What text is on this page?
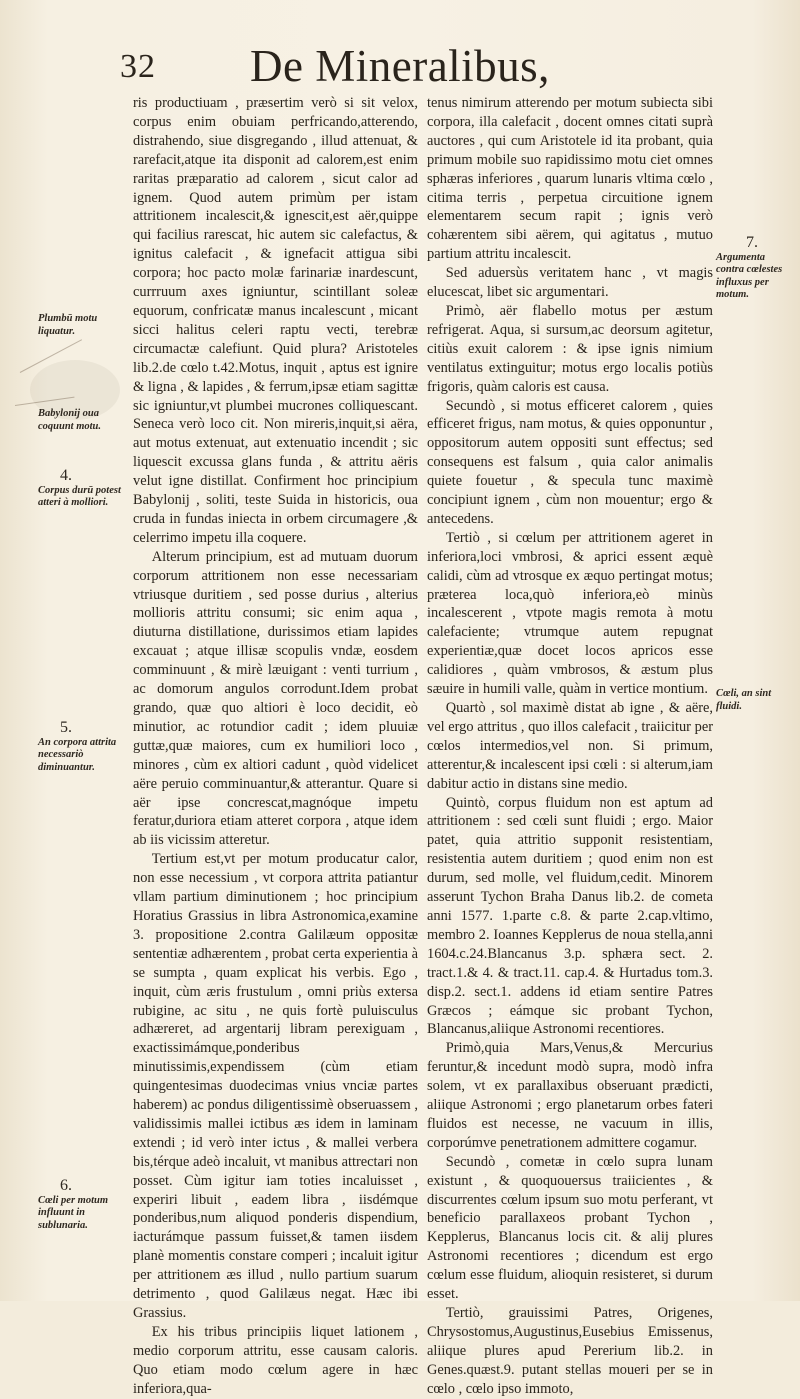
32 De Mineralibus,

ris productiuam , præsertim verò si sit velox, corpus enim obuiam perfricando,atterendo, distrahendo, siue disgregando , illud attenuat, & rarefacit,atque ita disponit ad calorem,est enim raritas præparatio ad calorem , sicut calor ad ignem. Quod autem primùm per istam attritionem incalescit,& ignescit,est aër,quippe qui facilius rarescat, hic autem sic calefactus, & ignitus calefacit , & ignefacit attigua sibi corpora; hoc pacto molæ farinariæ inardescunt, currruum axes igniuntur, scintillant soleæ equorum, confricatæ manus incalescunt , micant sicci halitus celeri raptu vecti, terebræ circumactæ calefiunt. Quid plura? Aristoteles lib.2.de cœlo t.42.Motus, inquit , aptus est ignire & ligna , & lapides , & ferrum,ipsæ etiam sagittæ sic igniuntur,vt plumbei mucrones colliquescant. Seneca verò loco cit. Non mireris,inquit,si aëra, aut motus extenuat, aut extenuatio incendit ; sic liquescit excussa glans funda , & attritu aëris velut igne distillat. Confirment hoc principium Babylonij , soliti, teste Suida in historicis, oua cruda in fundas iniecta in orbem circumagere ,& celerrimo impetu illa coquere.

Alterum principium, est ad mutuam duorum corporum attritionem non esse necessariam vtriusque duritiem , sed posse durius , alterius mollioris attritu consumi; sic enim aqua , diuturna distillatione, durissimos etiam lapides excauat ; atque illisæ scopulis vndæ, eosdem comminuunt , & mirè læuigant : venti turrium , ac domorum angulos corrodunt.Idem probat grando, quæ quo altiori è loco decidit, eò minutior, ac rotundior cadit ; idem pluuiæ guttæ,quæ maiores, cum ex humiliori loco , minores , cùm ex altiori cadunt , quòd videlicet aëre peruio comminuantur,& atterantur. Quare si aër ipse concrescat,magnóque impetu feratur,duriora etiam atteret corpora , atque idem ab iis vicissim atteretur.

Tertium est,vt per motum producatur calor, non esse necessium , vt corpora attrita patiantur vllam partium diminutionem ; hoc principium Horatius Grassius in libra Astronomica,examine 3. propositione 2.contra Galilæum oppositæ sententiæ adhærentem , probat certa experientia à se sumpta , quam explicat his verbis. Ego , inquit, cùm æris frustulum , omni priùs extersa rubigine, ac situ , ne quis fortè puluisculus adhæreret, ad argentarij libram perexiguam , exactissimámque,ponderibus minutissimis,expendissem (cùm etiam quingentesimas duodecimas vnius vnciæ partes haberem) ac pondus diligentissimè obseruassem , validissimis mallei ictibus æs idem in laminam extendi ; id verò inter ictus , & mallei verbera bis,térque adeò incaluit, vt manibus attrectari non posset. Cùm igitur iam toties incaluisset , experiri libuit , eadem libra , iisdémque ponderibus,num aliquod ponderis dispendium, iacturámque passum fuisset,& tamen iisdem planè momentis constare comperi ; incaluit igitur per attritionem æs illud , nullo partium suarum detrimento , quod Galilæus negat. Hæc ibi Grassius.

Ex his tribus principiis liquet lationem , medio corporum attritu, esse causam caloris. Quo etiam modo cœlum agere in hæc inferiora,qua-

tenus nimirum atterendo per motum subiecta sibi corpora, illa calefacit , docent omnes citati suprà auctores , qui cum Aristotele id ita probant, quia primum mobile suo rapidissimo motu ciet omnes sphæras inferiores , quarum lunaris vltima cœlo , citima terris , perpetua circuitione ignem elementarem secum rapit ; ignis verò cohærentem sibi aërem, qui agitatus , mutuo partium attritu incalescit.

Sed aduersùs veritatem hanc , vt magis elucescat, libet sic argumentari.

Primò, aër flabello motus per æstum refrigerat. Aqua, si sursum,ac deorsum agitetur, citiùs exuit calorem : & ipse ignis nimium ventilatus extinguitur; motus ergo localis potiùs frigoris, quàm caloris est causa.

Secundò , si motus efficeret calorem , quies efficeret frigus, nam motus, & quies opponuntur , oppositorum autem oppositi sunt effectus; sed consequens est falsum , quia calor animalis quiete fouetur , & specula tunc maximè concipiunt ignem , cùm non mouentur; ergo & antecedens.

Tertiò , si cœlum per attritionem ageret in inferiora,loci vmbrosi, & aprici essent æquè calidi, cùm ad vtrosque ex æquo pertingat motus; præterea loca,quò inferiora,eò minùs incalescerent , vtpote magis remota à motu calefaciente; vtrumque autem repugnat experientiæ,quæ docet locos apricos esse calidiores , quàm vmbrosos, & æstum plus sæuire in humili valle, quàm in vertice montium.

Quartò , sol maximè distat ab igne , & aëre, vel ergo attritus , quo illos calefacit , traiicitur per cœlos intermedios,vel non. Si primum, atterentur,& incalescent ipsi cœli : si alterum,iam dabitur actio in distans sine medio.

Quintò, corpus fluidum non est aptum ad attritionem : sed cœli sunt fluidi ; ergo. Maior patet, quia attritio supponit resistentiam, resistentia autem duritiem ; quod enim non est durum, sed molle, vel fluidum,cedit. Minorem asserunt Tychon Braha Danus lib.2. de cometa anni 1577. 1.parte c.8. & parte 2.cap.vltimo, membro 2. Ioannes Kepplerus de noua stella,anni 1604.c.24.Blancanus 3.p. sphæra sect. 2. tract.1.& 4. & tract.11. cap.4. & Hurtadus tom.3. disp.2. sect.1. addens id etiam sentire Patres Græcos ; eámque sic probant Tychon, Blancanus,aliique Astronomi recentiores.

Primò,quia Mars,Venus,& Mercurius feruntur,& incedunt modò supra, modò infra solem, vt ex parallaxibus obseruant prædicti, aliique Astronomi ; ergo planetarum orbes fateri fluidos est necesse, ne vacuum in illis, corporúmve penetrationem admittere cogamur.

Secundò , cometæ in cœlo supra lunam existunt , & quoquouersus traiicientes , & discurrentes cœlum ipsum suo motu perferant, vt beneficio parallaxeos probant Tychon , Kepplerus, Blancanus locis cit. & alij plures Astronomi recentiores ; dicendum est ergo cœlum esse fluidum, alioquin resisteret, si durum esset.

Tertiò, grauissimi Patres, Origenes, Chrysostomus,Augustinus,Eusebius Emissenus, aliique plures apud Pererium lib.2. in Genes.quæst.9. putant stellas moueri per se in cœlo , cœlo ipso immoto,

Plumbū motu liquatur.
Babylonij oua coquunt motu.
4.
Corpus durū potest atteri à molliori.
5.
An corpora attrita necessariò diminuantur.
6.
Cœli per motum influunt in sublunaria.
7.
Argumenta contra cœlestes influxus per motum.
Cœli, an sint fluidi.
